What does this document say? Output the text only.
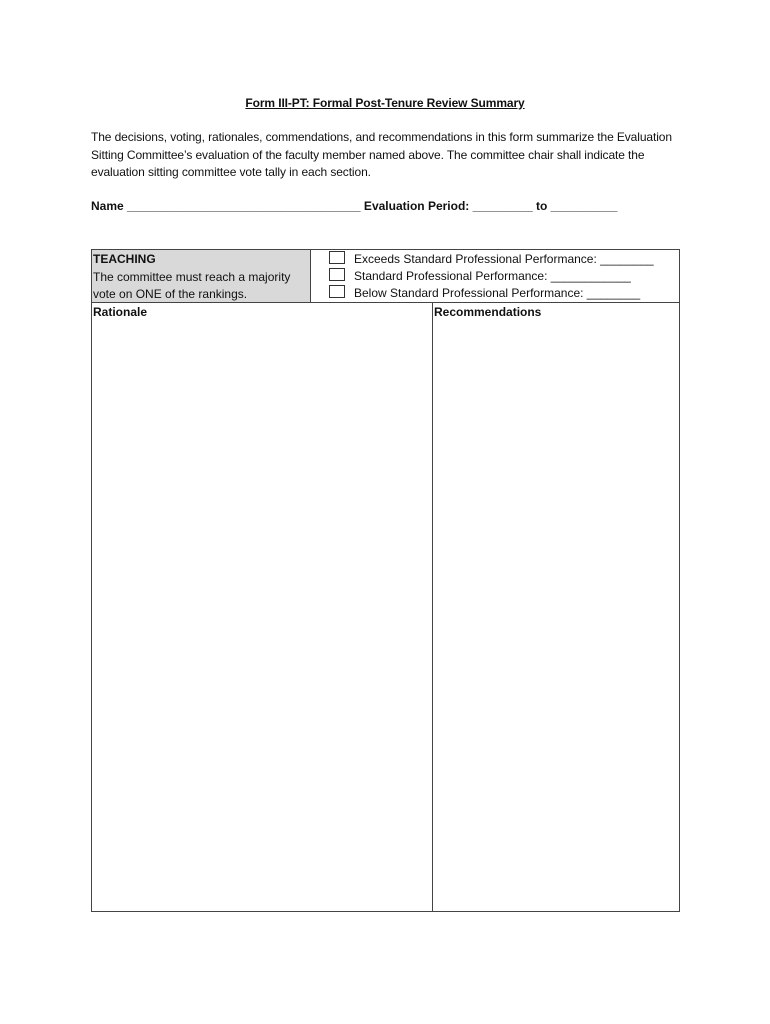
Form III-PT: Formal Post-Tenure Review Summary
The decisions, voting, rationales, commendations, and recommendations in this form summarize the Evaluation Sitting Committee’s evaluation of the faculty member named above. The committee chair shall indicate the evaluation sitting committee vote tally in each section.
Name ___________________________________ Evaluation Period: _________ to __________
TEACHING
The committee must reach a majority vote on ONE of the rankings.
Exceeds Standard Professional Performance: ________
Standard Professional Performance: ____________
Below Standard Professional Performance: ________
Rationale	Recommendations
